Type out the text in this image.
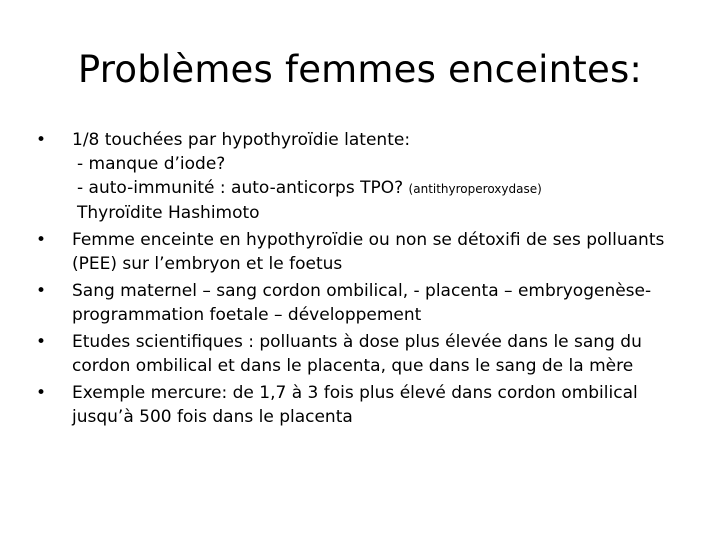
Problèmes femmes enceintes:
•	1/8 touchées par hypothyroïdie latente:
- manque d’iode?
- auto-immunité : auto-anticorps TPO? (antithyroperoxydase)
Thyroïdite Hashimoto
•	Femme enceinte en hypothyroïdie ou non se détoxifi de ses polluants (PEE) sur l’embryon et le foetus
•	Sang maternel – sang cordon ombilical, - placenta – embryogenèse-programmation foetale – développement
•	Etudes scientifiques : polluants à dose plus élevée dans le sang du cordon ombilical et dans le placenta, que dans le sang de la mère
•	Exemple mercure: de 1,7 à 3 fois plus élevé dans cordon ombilical jusqu’à 500 fois dans le placenta
